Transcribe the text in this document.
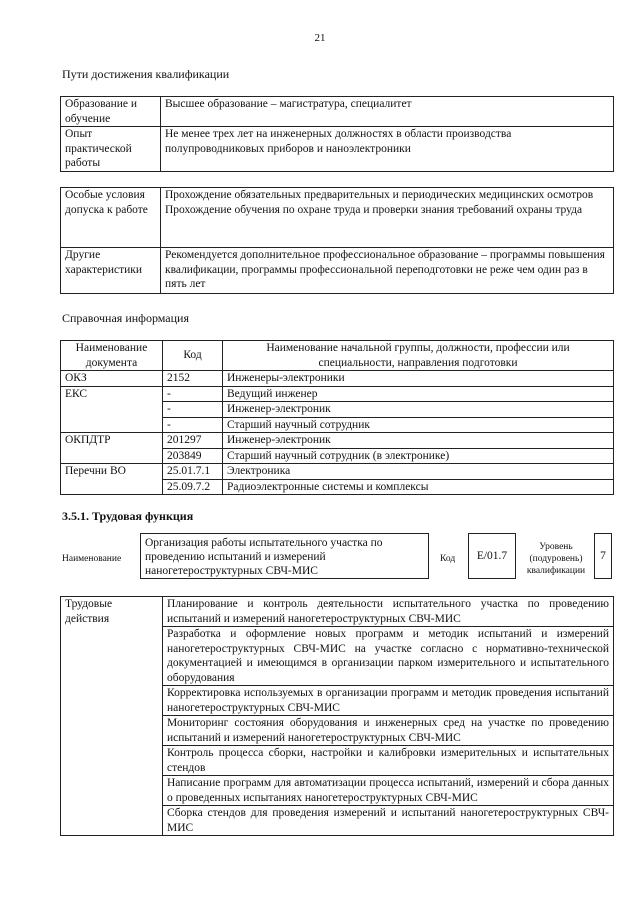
21
Пути достижения квалификации
Образование и обучение	Высшее образование – магистратура, специалитет
Опыт практической работы	Не менее трех лет на инженерных должностях в области производства полупроводниковых приборов и наноэлектроники
Особые условия допуска к работе	Прохождение обязательных предварительных и периодических медицинских осмотров
Прохождение обучения по охране труда и проверки знания требований охраны труда

Другие характеристики	Рекомендуется дополнительное профессиональное образование – программы повышения квалификации, программы профессиональной переподготовки не реже чем один раз в пять лет
Справочная информация
Наименование документа	Код	Наименование начальной группы, должности, профессии или специальности, направления подготовки
ОКЗ	2152	Инженеры-электроники
ЕКС	-	Ведущий инженер
	-	Инженер-электроник
	-	Старший научный сотрудник
ОКПДТР	201297	Инженер-электроник
	203849	Старший научный сотрудник (в электронике)
Перечни ВО	25.01.7.1	Электроника
	25.09.7.2	Радиоэлектронные системы и комплексы
3.5.1. Трудовая функция
Наименование
Организация работы испытательного участка по проведению испытаний и измерений наногетероструктурных СВЧ-МИС
Код	E/01.7
Уровень (подуровень) квалификации
7
Трудовые действия	Планирование и контроль деятельности испытательного участка по проведению испытаний и измерений наногетероструктурных СВЧ-МИС
Разработка и оформление новых программ и методик испытаний и измерений наногетероструктурных СВЧ-МИС на участке согласно с нормативно-технической документацией и имеющимся в организации парком измерительного и испытательного оборудования
Корректировка используемых в организации программ и методик проведения испытаний наногетероструктурных СВЧ-МИС
Мониторинг состояния оборудования и инженерных сред на участке по проведению испытаний и измерений наногетероструктурных СВЧ-МИС
Контроль процесса сборки, настройки и калибровки измерительных и испытательных стендов
Написание программ для автоматизации процесса испытаний, измерений и сбора данных о проведенных испытаниях наногетероструктурных СВЧ-МИС
Сборка стендов для проведения измерений и испытаний наногетероструктурных СВЧ-МИС
